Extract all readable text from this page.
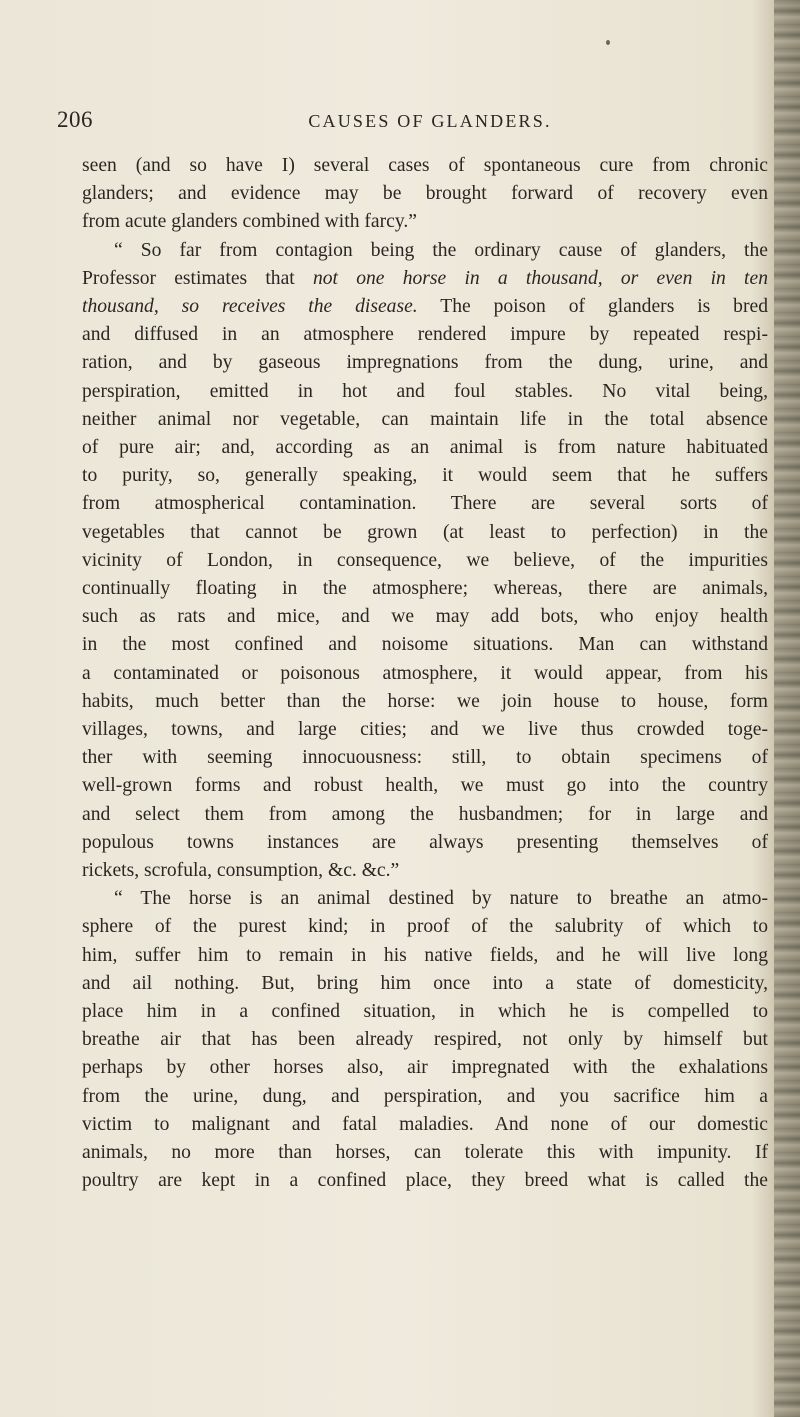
206	CAUSES OF GLANDERS.
seen (and so have I) several cases of spontaneous cure from chronic
glanders; and evidence may be brought forward of recovery even
from acute glanders combined with farcy.”
“ So far from contagion being the ordinary cause of glanders, the
Professor estimates that not one horse in a thousand, or even in ten
thousand, so receives the disease. The poison of glanders is bred
and diffused in an atmosphere rendered impure by repeated respi-
ration, and by gaseous impregnations from the dung, urine, and
perspiration, emitted in hot and foul stables. No vital being,
neither animal nor vegetable, can maintain life in the total absence
of pure air; and, according as an animal is from nature habituated
to purity, so, generally speaking, it would seem that he suffers
from atmospherical contamination. There are several sorts of
vegetables that cannot be grown (at least to perfection) in the
vicinity of London, in consequence, we believe, of the impurities
continually floating in the atmosphere; whereas, there are animals,
such as rats and mice, and we may add bots, who enjoy health
in the most confined and noisome situations. Man can withstand
a contaminated or poisonous atmosphere, it would appear, from his
habits, much better than the horse: we join house to house, form
villages, towns, and large cities; and we live thus crowded toge-
ther with seeming innocuousness: still, to obtain specimens of
well-grown forms and robust health, we must go into the country
and select them from among the husbandmen; for in large and
populous towns instances are always presenting themselves of
rickets, scrofula, consumption, &c. &c.”
“ The horse is an animal destined by nature to breathe an atmo-
sphere of the purest kind; in proof of the salubrity of which to
him, suffer him to remain in his native fields, and he will live long
and ail nothing. But, bring him once into a state of domesticity,
place him in a confined situation, in which he is compelled to
breathe air that has been already respired, not only by himself but
perhaps by other horses also, air impregnated with the exhalations
from the urine, dung, and perspiration, and you sacrifice him a
victim to malignant and fatal maladies. And none of our domestic
animals, no more than horses, can tolerate this with impunity. If
poultry are kept in a confined place, they breed what is called the
